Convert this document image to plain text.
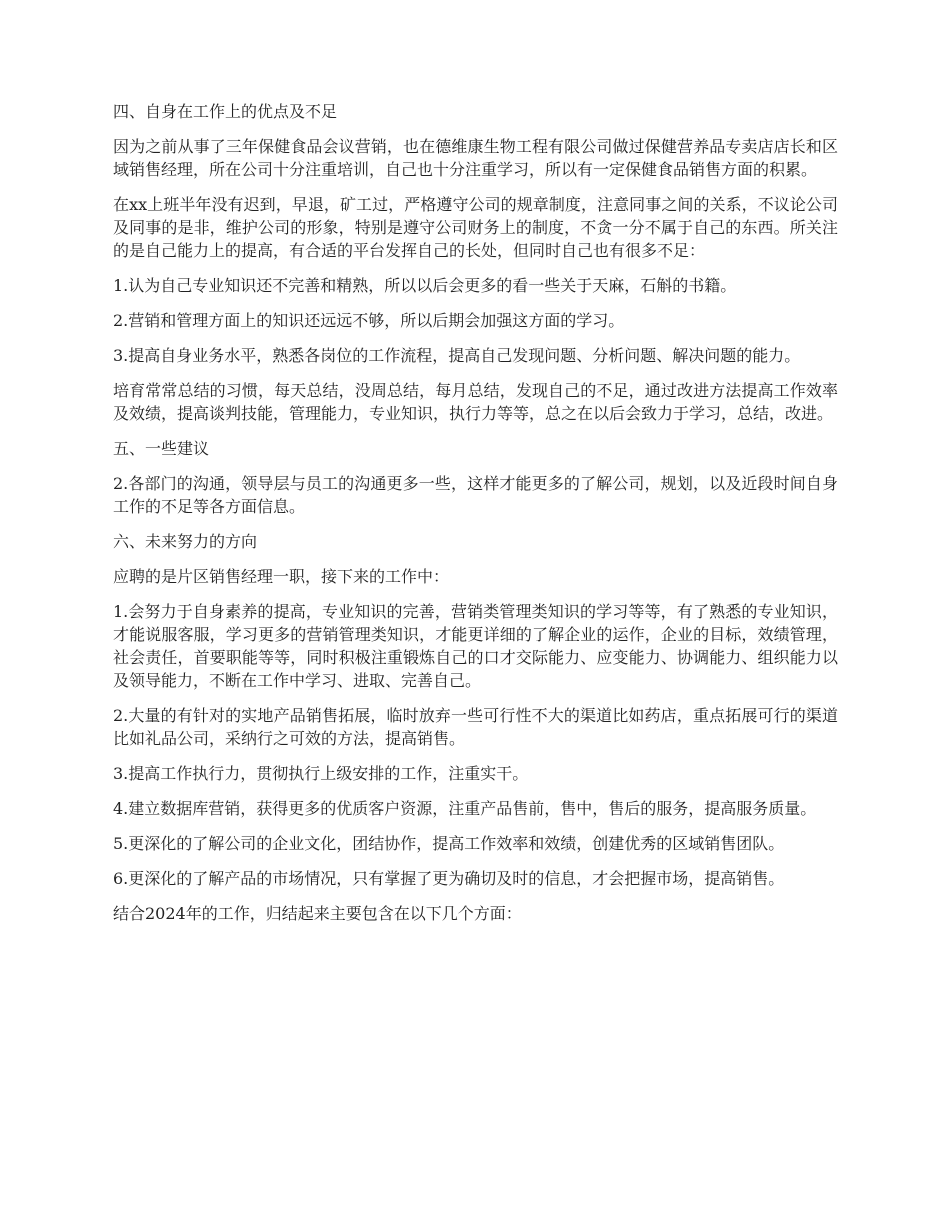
四、自身在工作上的优点及不足

因为之前从事了三年保健食品会议营销，也在德维康生物工程有限公司做过保健营养品专卖店店长和区域销售经理，所在公司十分注重培训，自己也十分注重学习，所以有一定保健食品销售方面的积累。

在xx上班半年没有迟到，早退，矿工过，严格遵守公司的规章制度，注意同事之间的关系，不议论公司及同事的是非，维护公司的形象，特别是遵守公司财务上的制度，不贪一分不属于自己的东西。所关注的是自己能力上的提高，有合适的平台发挥自己的长处，但同时自己也有很多不足：

1.认为自己专业知识还不完善和精熟，所以以后会更多的看一些关于天麻，石斛的书籍。

2.营销和管理方面上的知识还远远不够，所以后期会加强这方面的学习。

3.提高自身业务水平，熟悉各岗位的工作流程，提高自己发现问题、分析问题、解决问题的能力。

培育常常总结的习惯，每天总结，没周总结，每月总结，发现自己的不足，通过改进方法提高工作效率及效绩，提高谈判技能，管理能力，专业知识，执行力等等，总之在以后会致力于学习，总结，改进。

五、一些建议

2.各部门的沟通，领导层与员工的沟通更多一些，这样才能更多的了解公司，规划，以及近段时间自身工作的不足等各方面信息。

六、未来努力的方向

应聘的是片区销售经理一职，接下来的工作中：

1.会努力于自身素养的提高，专业知识的完善，营销类管理类知识的学习等等，有了熟悉的专业知识，才能说服客服，学习更多的营销管理类知识，才能更详细的了解企业的运作，企业的目标，效绩管理，社会责任，首要职能等等，同时积极注重锻炼自己的口才交际能力、应变能力、协调能力、组织能力以及领导能力，不断在工作中学习、进取、完善自己。

2.大量的有针对的实地产品销售拓展，临时放弃一些可行性不大的渠道比如药店，重点拓展可行的渠道比如礼品公司，采纳行之可效的方法，提高销售。

3.提高工作执行力，贯彻执行上级安排的工作，注重实干。

4.建立数据库营销，获得更多的优质客户资源，注重产品售前，售中，售后的服务，提高服务质量。

5.更深化的了解公司的企业文化，团结协作，提高工作效率和效绩，创建优秀的区域销售团队。

6.更深化的了解产品的市场情况，只有掌握了更为确切及时的信息，才会把握市场，提高销售。

结合2024年的工作，归结起来主要包含在以下几个方面：
